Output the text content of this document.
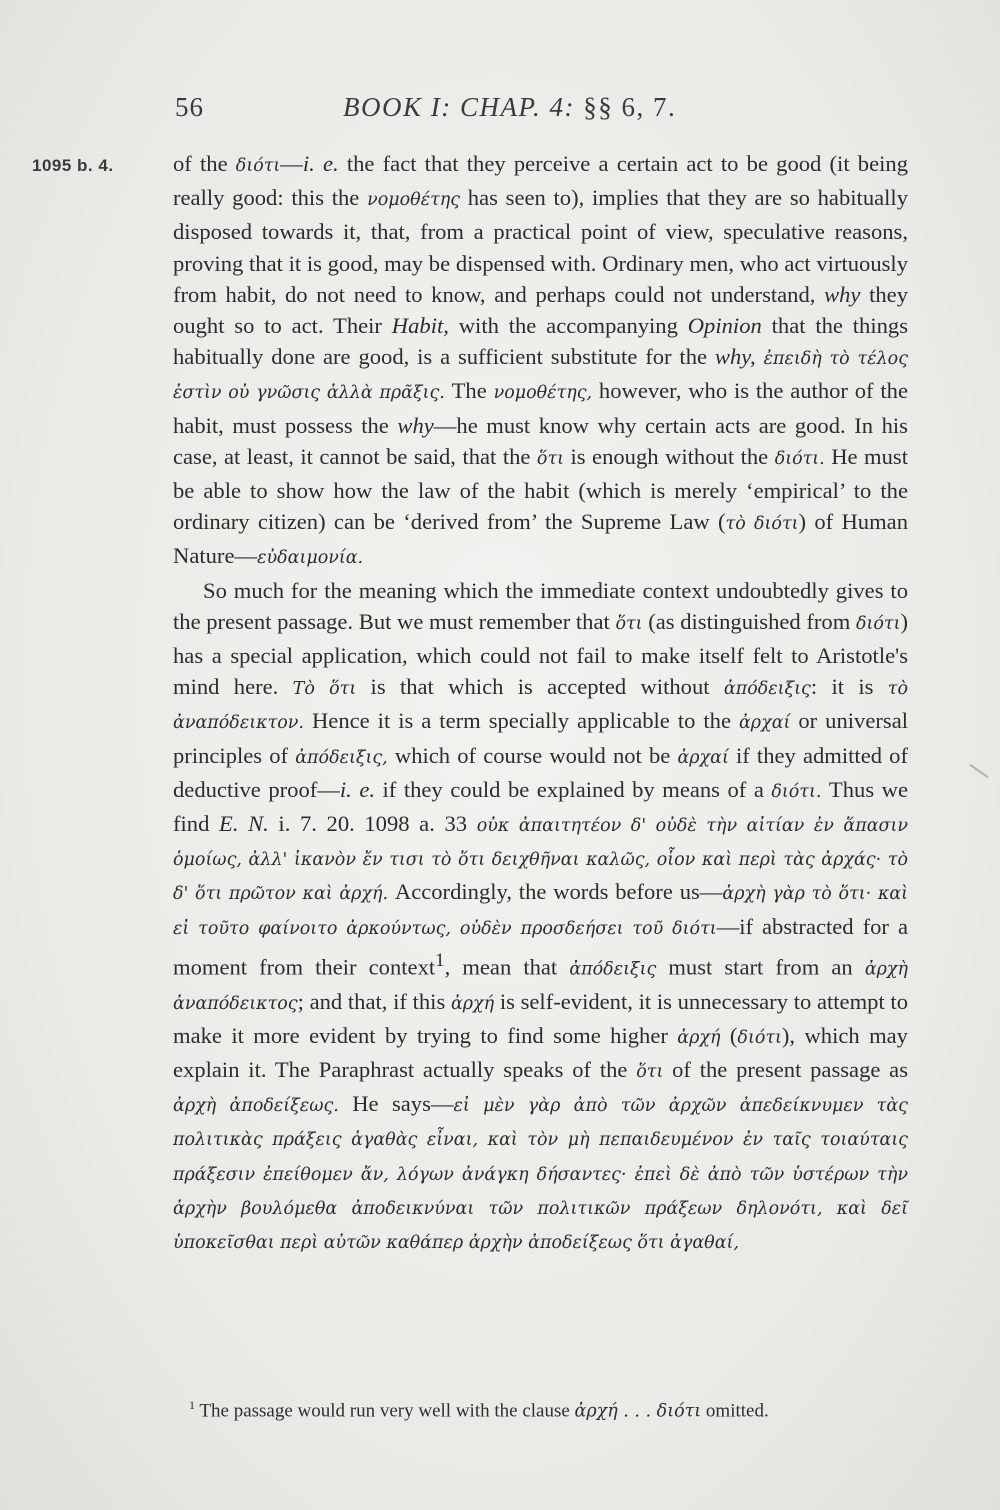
56	BOOK I: CHAP. 4: §§ 6, 7.
1095 b. 4.	of the διότι—i. e. the fact that they perceive a certain act to be good (it being really good: this the νομοθέτης has seen to), implies that they are so habitually disposed towards it, that, from a practical point of view, speculative reasons, proving that it is good, may be dispensed with. Ordinary men, who act virtuously from habit, do not need to know, and perhaps could not understand, why they ought so to act. Their Habit, with the accompanying Opinion that the things habitually done are good, is a sufficient substitute for the why, ἐπειδὴ τὸ τέλος ἐστὶν οὐ γνῶσις ἀλλὰ πρᾶξις. The νομοθέτης, however, who is the author of the habit, must possess the why—he must know why certain acts are good. In his case, at least, it cannot be said, that the ὅτι is enough without the διότι. He must be able to show how the law of the habit (which is merely ‘empirical’ to the ordinary citizen) can be ‘derived from’ the Supreme Law (τὸ διότι) of Human Nature—εὐδαιμονία.

So much for the meaning which the immediate context undoubtedly gives to the present passage. But we must remember that ὅτι (as distinguished from διότι) has a special application, which could not fail to make itself felt to Aristotle's mind here. Τὸ ὅτι is that which is accepted without ἀπόδειξις: it is τὸ ἀναπόδεικτον. Hence it is a term specially applicable to the ἀρχαί or universal principles of ἀπόδειξις, which of course would not be ἀρχαί if they admitted of deductive proof—i. e. if they could be explained by means of a διότι. Thus we find E. N. i. 7. 20. 1098 a. 33 οὐκ ἀπαιτητέον δ' οὐδὲ τὴν αἰτίαν ἐν ἅπασιν ὁμοίως, ἀλλ' ἱκανὸν ἔν τισι τὸ ὅτι δειχθῆναι καλῶς, οἷον καὶ περὶ τὰς ἀρχάς· τὸ δ' ὅτι πρῶτον καὶ ἀρχή. Accordingly, the words before us—ἀρχὴ γὰρ τὸ ὅτι· καὶ εἰ τοῦτο φαίνοιτο ἀρκούντως, οὐδὲν προσδεήσει τοῦ διότι—if abstracted for a moment from their context$^1$, mean that ἀπόδειξις must start from an ἀρχὴ ἀναπόδεικτος; and that, if this ἀρχή is self-evident, it is unnecessary to attempt to make it more evident by trying to find some higher ἀρχή (διότι), which may explain it. The Paraphrast actually speaks of the ὅτι of the present passage as ἀρχὴ ἀποδείξεως. He says—εἰ μὲν γὰρ ἀπὸ τῶν ἀρχῶν ἀπεδείκνυμεν τὰς πολιτικὰς πράξεις ἀγαθὰς εἶναι, καὶ τὸν μὴ πεπαιδευμένον ἐν ταῖς τοιαύταις πράξεσιν ἐπείθομεν ἄν, λόγων ἀνάγκη δήσαντες· ἐπεὶ δὲ ἀπὸ τῶν ὑστέρων τὴν ἀρχὴν βουλόμεθα ἀποδεικνύναι τῶν πολιτικῶν πράξεων δηλονότι, καὶ δεῖ ὑποκεῖσθαι περὶ αὐτῶν καθάπερ ἀρχὴν ἀποδείξεως ὅτι ἀγαθαί,

$^1$ The passage would run very well with the clause ἀρχή . . . διότι omitted.
